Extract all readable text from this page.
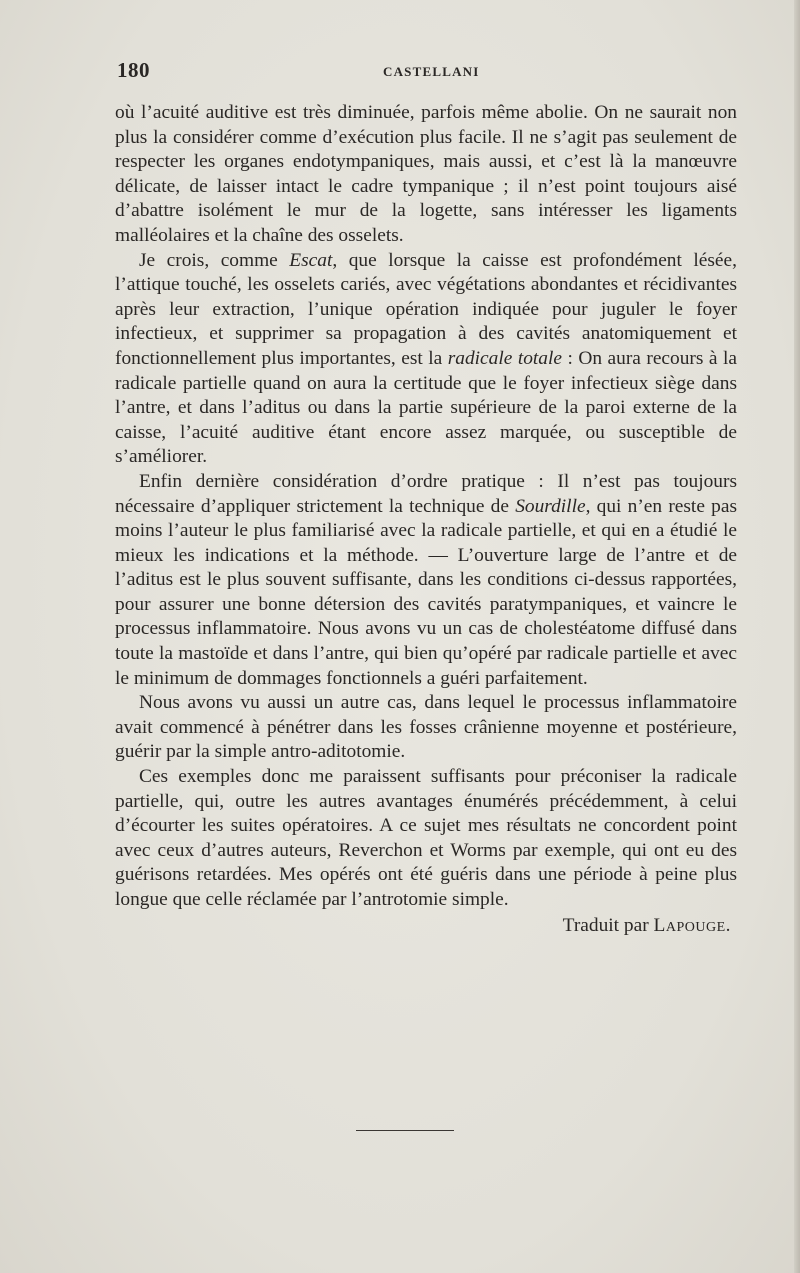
180	CASTELLANI

où l’acuité auditive est très diminuée, parfois même abolie. On ne saurait non plus la considérer comme d’exécution plus facile. Il ne s’agit pas seulement de respecter les organes endotympaniques, mais aussi, et c’est là la manœuvre délicate, de laisser intact le cadre tympanique ; il n’est point toujours aisé d’abattre isolément le mur de la logette, sans intéresser les ligaments malléolaires et la chaîne des osselets.

Je crois, comme Escat, que lorsque la caisse est profondément lésée, l’attique touché, les osselets cariés, avec végétations abondantes et récidivantes après leur extraction, l’unique opération indiquée pour juguler le foyer infectieux, et supprimer sa propagation à des cavités anatomiquement et fonctionnellement plus importantes, est la radicale totale : On aura recours à la radicale partielle quand on aura la certitude que le foyer infectieux siège dans l’antre, et dans l’aditus ou dans la partie supérieure de la paroi externe de la caisse, l’acuité auditive étant encore assez marquée, ou susceptible de s’améliorer.

Enfin dernière considération d’ordre pratique : Il n’est pas toujours nécessaire d’appliquer strictement la technique de Sourdille, qui n’en reste pas moins l’auteur le plus familiarisé avec la radicale partielle, et qui en a étudié le mieux les indications et la méthode. — L’ouverture large de l’antre et de l’aditus est le plus souvent suffisante, dans les conditions ci-dessus rapportées, pour assurer une bonne détersion des cavités paratympaniques, et vaincre le processus inflammatoire. Nous avons vu un cas de cholestéatome diffusé dans toute la mastoïde et dans l’antre, qui bien qu’opéré par radicale partielle et avec le minimum de dommages fonctionnels a guéri parfaitement.

Nous avons vu aussi un autre cas, dans lequel le processus inflammatoire avait commencé à pénétrer dans les fosses crânienne moyenne et postérieure, guérir par la simple antro-aditotomie.

Ces exemples donc me paraissent suffisants pour préconiser la radicale partielle, qui, outre les autres avantages énumérés précédemment, à celui d’écourter les suites opératoires. A ce sujet mes résultats ne concordent point avec ceux d’autres auteurs, Reverchon et Worms par exemple, qui ont eu des guérisons retardées. Mes opérés ont été guéris dans une période à peine plus longue que celle réclamée par l’antrotomie simple.

Traduit par Lapouge.
